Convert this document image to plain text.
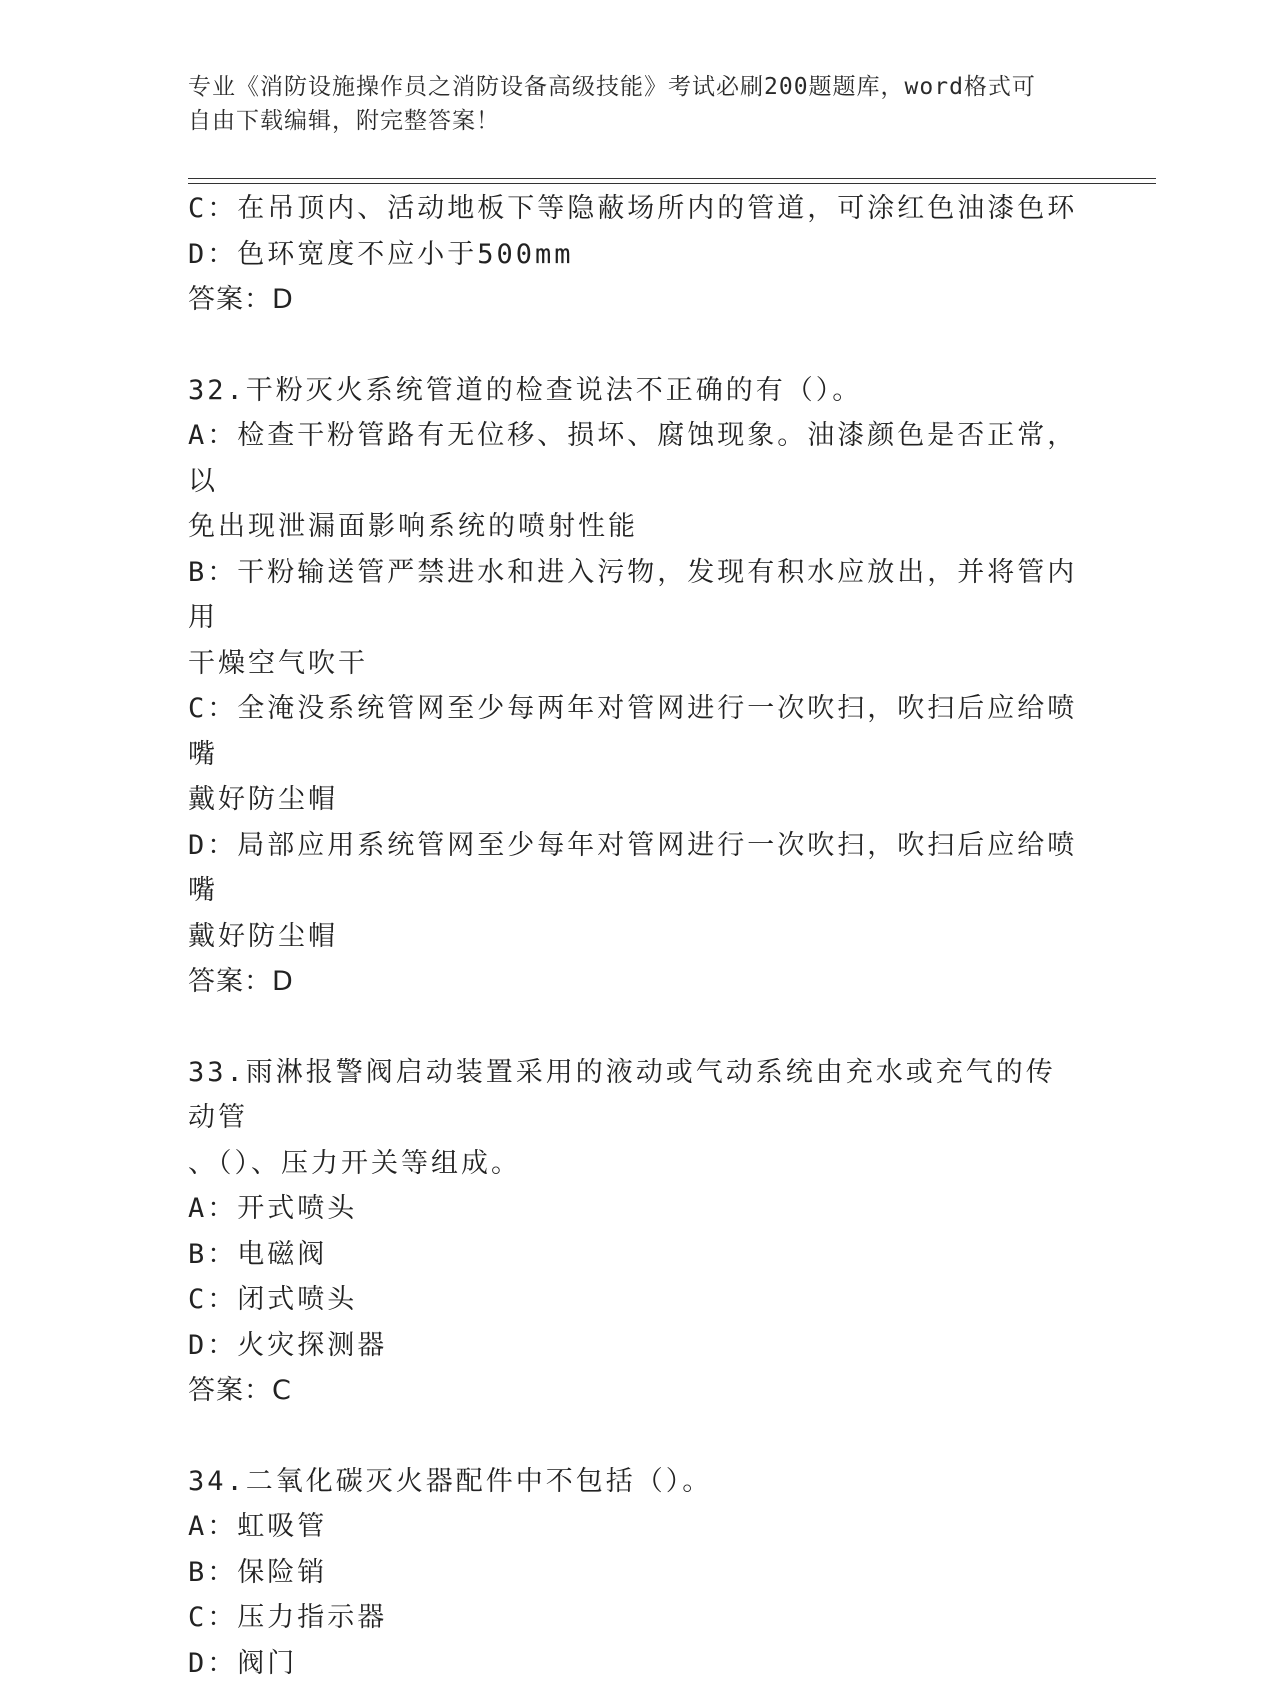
专业《消防设施操作员之消防设备高级技能》考试必刷200题题库，word格式可
自由下载编辑，附完整答案！
C：在吊顶内、活动地板下等隐蔽场所内的管道，可涂红色油漆色环
D：色环宽度不应小于500mm
答案：D
32.干粉灭火系统管道的检查说法不正确的有（）。
A：检查干粉管路有无位移、损坏、腐蚀现象。油漆颜色是否正常，以
免出现泄漏面影响系统的喷射性能
B：干粉输送管严禁进水和进入污物，发现有积水应放出，并将管内用
干燥空气吹干
C：全淹没系统管网至少每两年对管网进行一次吹扫，吹扫后应给喷嘴
戴好防尘帽
D：局部应用系统管网至少每年对管网进行一次吹扫，吹扫后应给喷嘴
戴好防尘帽
答案：D
33.雨淋报警阀启动装置采用的液动或气动系统由充水或充气的传动管
、（）、压力开关等组成。
A：开式喷头
B：电磁阀
C：闭式喷头
D：火灾探测器
答案：C
34.二氧化碳灭火器配件中不包括（）。
A：虹吸管
B：保险销
C：压力指示器
D：阀门
